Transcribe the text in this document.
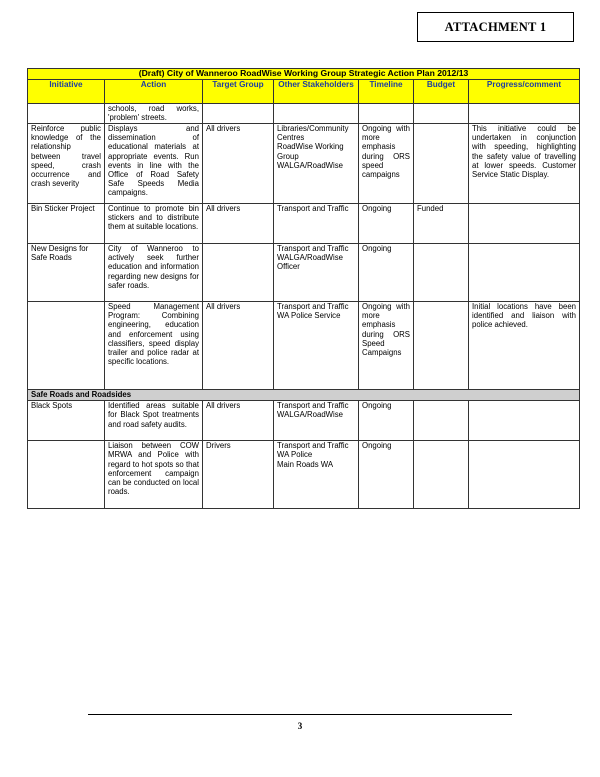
ATTACHMENT 1
(Draft) City of Wanneroo RoadWise Working Group Strategic Action Plan 2012/13						
Initiative	Action	Target Group	Other Stakeholders	Timeline	Budget	Progress/comment
	schools, road works, 'problem' streets.					
Reinforce public knowledge of the relationship between travel speed, crash occurrence and crash severity	Displays and dissemination of educational materials at appropriate events. Run events in line with the Office of Road Safety Safe Speeds Media campaigns.	All drivers	Libraries/Community Centres
RoadWise Working Group
WALGA/RoadWise	Ongoing with more emphasis during ORS speed campaigns		This initiative could be undertaken in conjunction with speeding, highlighting the safety value of travelling at lower speeds. Customer Service Static Display.
Bin Sticker Project	Continue to promote bin stickers and to distribute them at suitable locations.	All drivers	Transport and Traffic	Ongoing	Funded	
New Designs for Safe Roads	City of Wanneroo to actively seek further education and information regarding new designs for safer roads.		Transport and Traffic
WALGA/RoadWise Officer	Ongoing		
	Speed Management Program: Combining engineering, education and enforcement using classifiers, speed display trailer and police radar at specific locations.	All drivers	Transport and Traffic
WA Police Service	Ongoing with more emphasis during ORS Speed Campaigns		Initial locations have been identified and liaison with police achieved.
Safe Roads and Roadsides						
Black Spots	Identified areas suitable for Black Spot treatments and road safety audits.	All drivers	Transport and Traffic
WALGA/RoadWise	Ongoing		
	Liaison between COW MRWA and Police with regard to hot spots so that enforcement campaign can be conducted on local roads.	Drivers	Transport and Traffic
WA Police
Main Roads WA	Ongoing		
3
